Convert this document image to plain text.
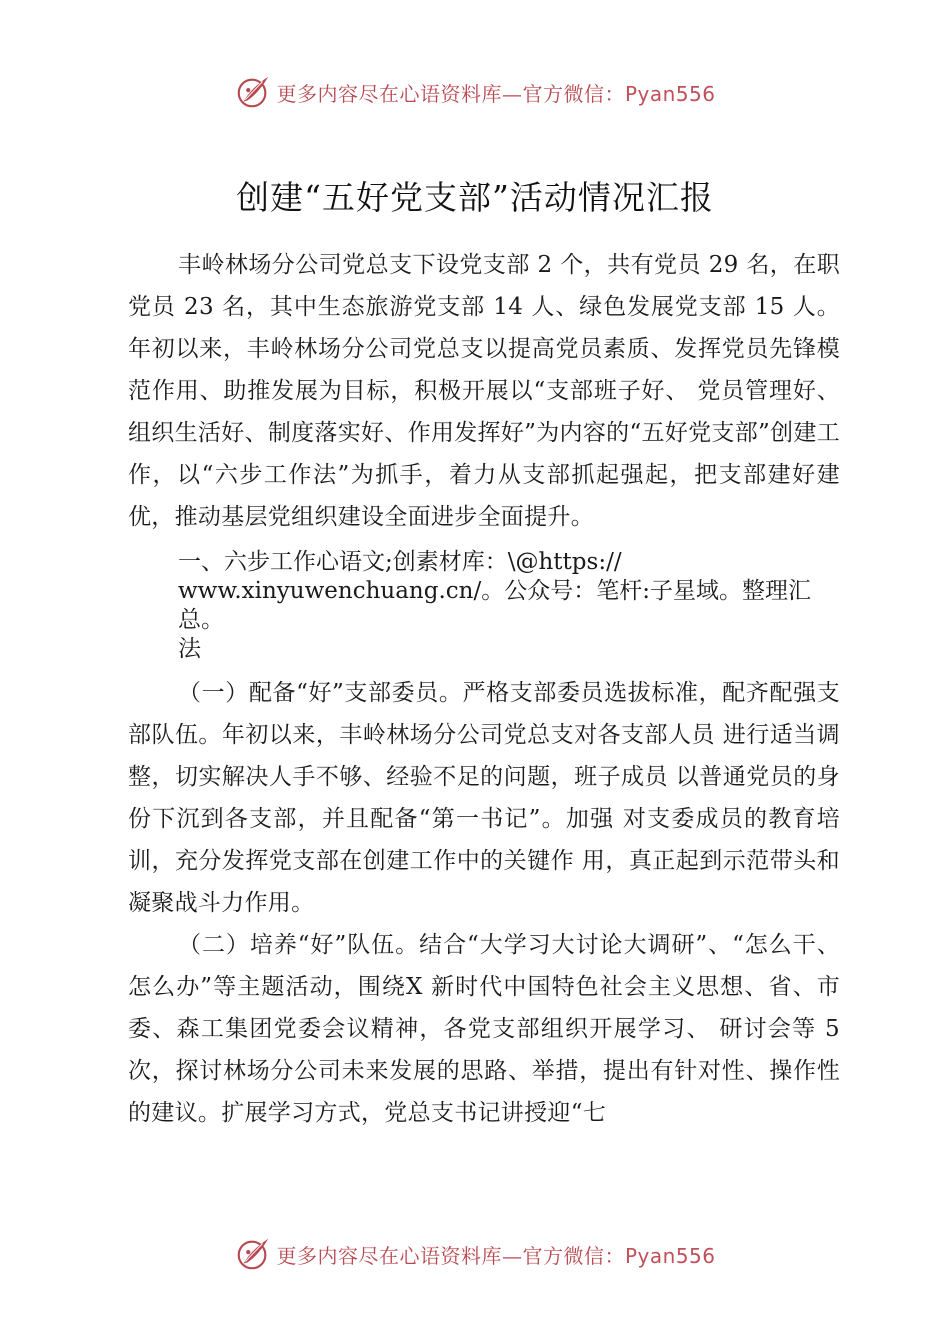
更多内容尽在心语资料库—官方微信：Pyan556
创建“五好党支部”活动情况汇报

丰岭林场分公司党总支下设党支部 2 个，共有党员 29 名，在职党员 23 名，其中生态旅游党支部 14 人、绿色发展党支部 15 人。年初以来，丰岭林场分公司党总支以提高党员素质、发挥党员先锋模范作用、助推发展为目标，积极开展以“支部班子好、 党员管理好、组织生活好、制度落实好、作用发挥好”为内容的“五好党支部”创建工作，以“六步工作法”为抓手，着力从支部抓起强起，把支部建好建优，推动基层党组织建设全面进步全面提升。

一、六步工作心语文;创素材库：\@https://
www.xinyuwenchuang.cn/。公众号：笔杆:子星域。整理汇总。
法

（一）配备“好”支部委员。严格支部委员选拔标准，配齐配强支部队伍。年初以来，丰岭林场分公司党总支对各支部人员 进行适当调整，切实解决人手不够、经验不足的问题，班子成员 以普通党员的身份下沉到各支部，并且配备“第一书记”。加强 对支委成员的教育培训，充分发挥党支部在创建工作中的关键作 用，真正起到示范带头和凝聚战斗力作用。

（二）培养“好”队伍。结合“大学习大讨论大调研”、“怎么干、怎么办”等主题活动，围绕X 新时代中国特色社会主义思想、省、市委、森工集团党委会议精神，各党支部组织开展学习、 研讨会等 5 次，探讨林场分公司未来发展的思路、举措，提出有针对性、操作性的建议。扩展学习方式，党总支书记讲授迎“七

更多内容尽在心语资料库—官方微信：Pyan556
